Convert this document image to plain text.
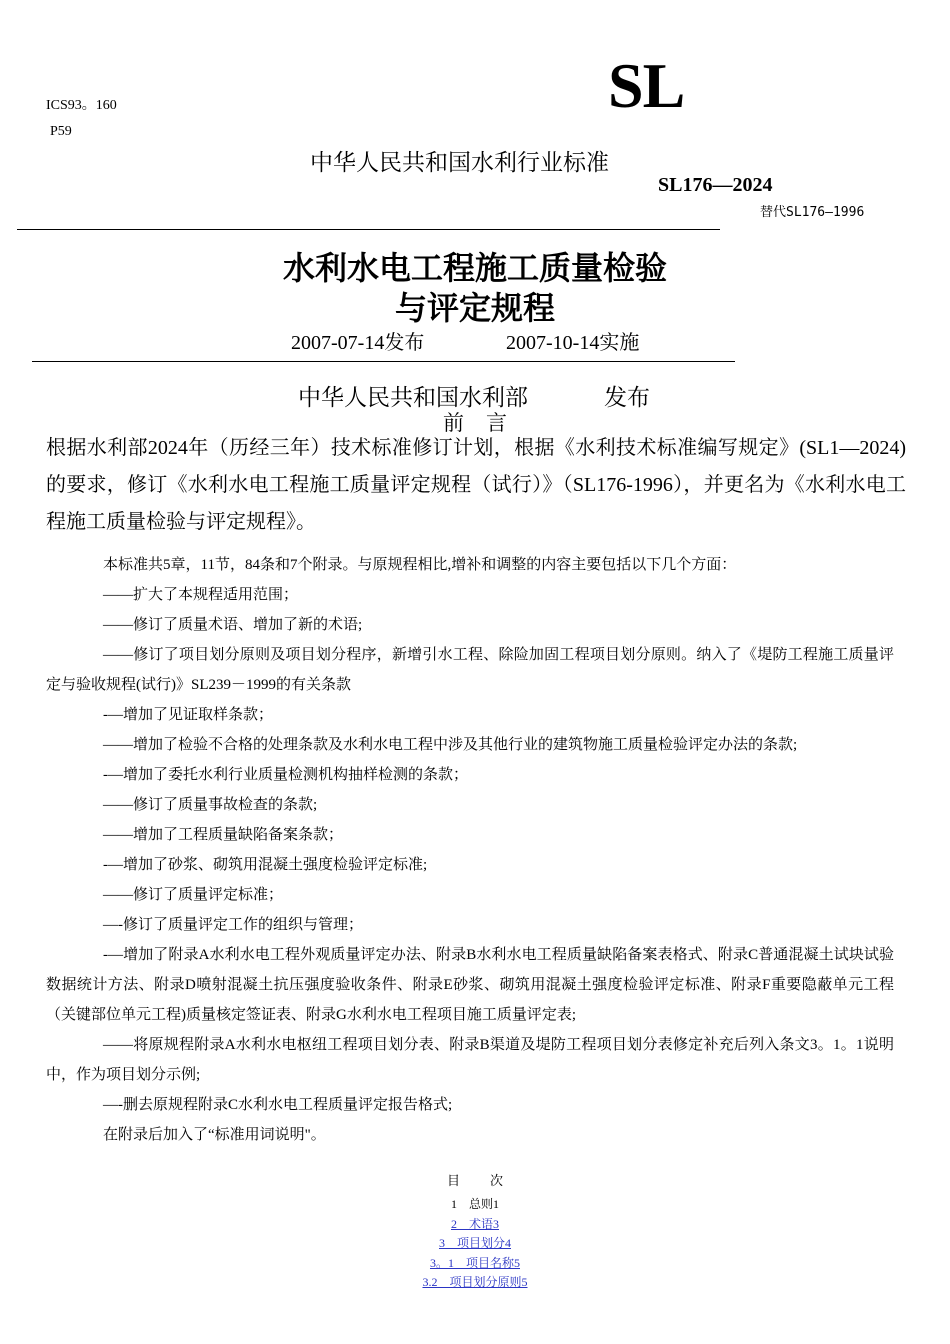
ICS93。160
P59
SL
中华人民共和国水利行业标准
SL176—2024
替代SL176—1996
水利水电工程施工质量检验
与评定规程
2007-07-14发布	2007-10-14实施
中华人民共和国水利部	发布
前言
根据水利部2024年（历经三年）技术标准修订计划，根据《水利技术标准编写规定》(SL1—2024)的要求，修订《水利水电工程施工质量评定规程（试行）》（SL176-1996），并更名为《水利水电工程施工质量检验与评定规程》。

本标准共5章，11节，84条和7个附录。与原规程相比,增补和调整的内容主要包括以下几个方面：

——扩大了本规程适用范围；

——修订了质量术语、增加了新的术语;

——修订了项目划分原则及项目划分程序，新增引水工程、除险加固工程项目划分原则。纳入了《堤防工程施工质量评定与验收规程(试行)》SL239－1999的有关条款

-—增加了见证取样条款；

——增加了检验不合格的处理条款及水利水电工程中涉及其他行业的建筑物施工质量检验评定办法的条款;

-—增加了委托水利行业质量检测机构抽样检测的条款；

——修订了质量事故检查的条款;

——增加了工程质量缺陷备案条款；

-—增加了砂浆、砌筑用混凝土强度检验评定标准;

——修订了质量评定标准；

—-修订了质量评定工作的组织与管理；

-—增加了附录A水利水电工程外观质量评定办法、附录B水利水电工程质量缺陷备案表格式、附录C普通混凝土试块试验数据统计方法、附录D喷射混凝土抗压强度验收条件、附录E砂浆、砌筑用混凝土强度检验评定标准、附录F重要隐蔽单元工程（关键部位单元工程)质量核定签证表、附录G水利水电工程项目施工质量评定表;

——将原规程附录A水利水电枢纽工程项目划分表、附录B渠道及堤防工程项目划分表修定补充后列入条文3。1。1说明中，作为项目划分示例;

—-删去原规程附录C水利水电工程质量评定报告格式;

在附录后加入了“标准用词说明"。

目次
1　总则1
2　术语3
3　项目划分4
3。1　项目名称5
3.2　项目划分原则5
